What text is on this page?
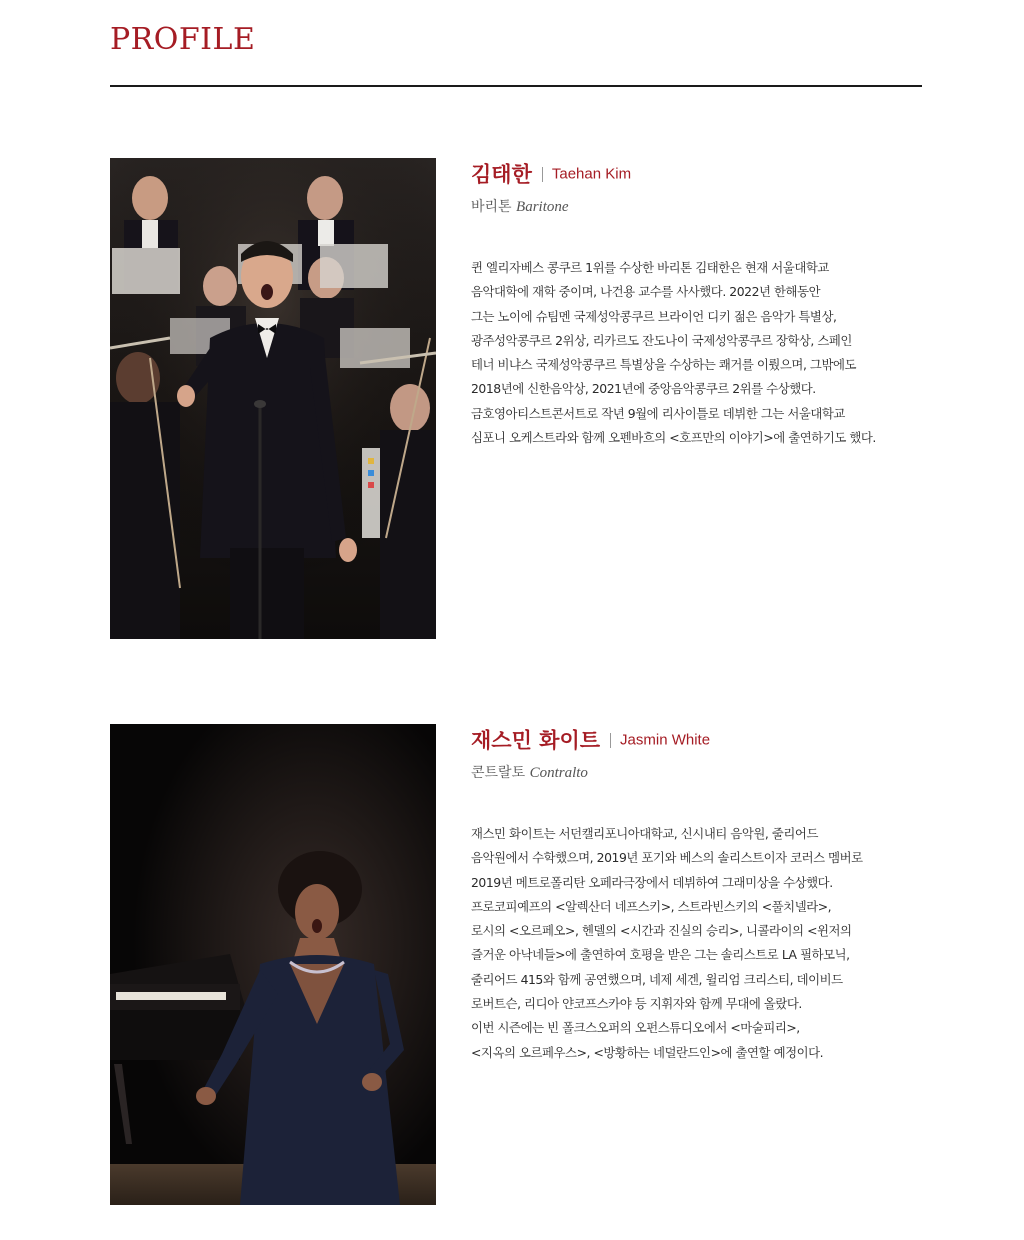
PROFILE
김태한 Taehan Kim
바리톤 Baritone
퀸 엘리자베스 콩쿠르 1위를 수상한 바리톤 김태한은 현재 서울대학교
음악대학에 재학 중이며, 나건용 교수를 사사했다. 2022년 한해동안
그는 노이에 슈팀멘 국제성악콩쿠르 브라이언 디키 젊은 음악가 특별상,
광주성악콩쿠르 2위상, 리카르도 잔도나이 국제성악콩쿠르 장학상, 스페인
테너 비냐스 국제성악콩쿠르 특별상을 수상하는 쾌거를 이뤘으며, 그밖에도
2018년에 신한음악상, 2021년에 중앙음악콩쿠르 2위를 수상했다.
금호영아티스트콘서트로 작년 9월에 리사이틀로 데뷔한 그는 서울대학교
심포니 오케스트라와 함께 오펜바흐의 <호프만의 이야기>에 출연하기도 했다.
재스민 화이트 Jasmin White
콘트랄토 Contralto
재스민 화이트는 서던캘리포니아대학교, 신시내티 음악원, 줄리어드
음악원에서 수학했으며, 2019년 포기와 베스의 솔리스트이자 코러스 멤버로
2019년 메트로폴리탄 오페라극장에서 데뷔하여 그래미상을 수상했다.
프로코피예프의 <알렉산더 네프스키>, 스트라빈스키의 <풀치넬라>,
로시의 <오르페오>, 헨델의 <시간과 진실의 승리>, 니콜라이의 <윈저의
즐거운 아낙네들>에 출연하여 호평을 받은 그는 솔리스트로 LA 필하모닉,
줄리어드 415와 함께 공연했으며, 네제 세겐, 윌리엄 크리스티, 데이비드
로버트슨, 리디아 얀코프스카야 등 지휘자와 함께 무대에 올랐다.
이번 시즌에는 빈 폴크스오퍼의 오펀스튜디오에서 <마술피리>,
<지옥의 오르페우스>, <방황하는 네덜란드인>에 출연할 예정이다.
